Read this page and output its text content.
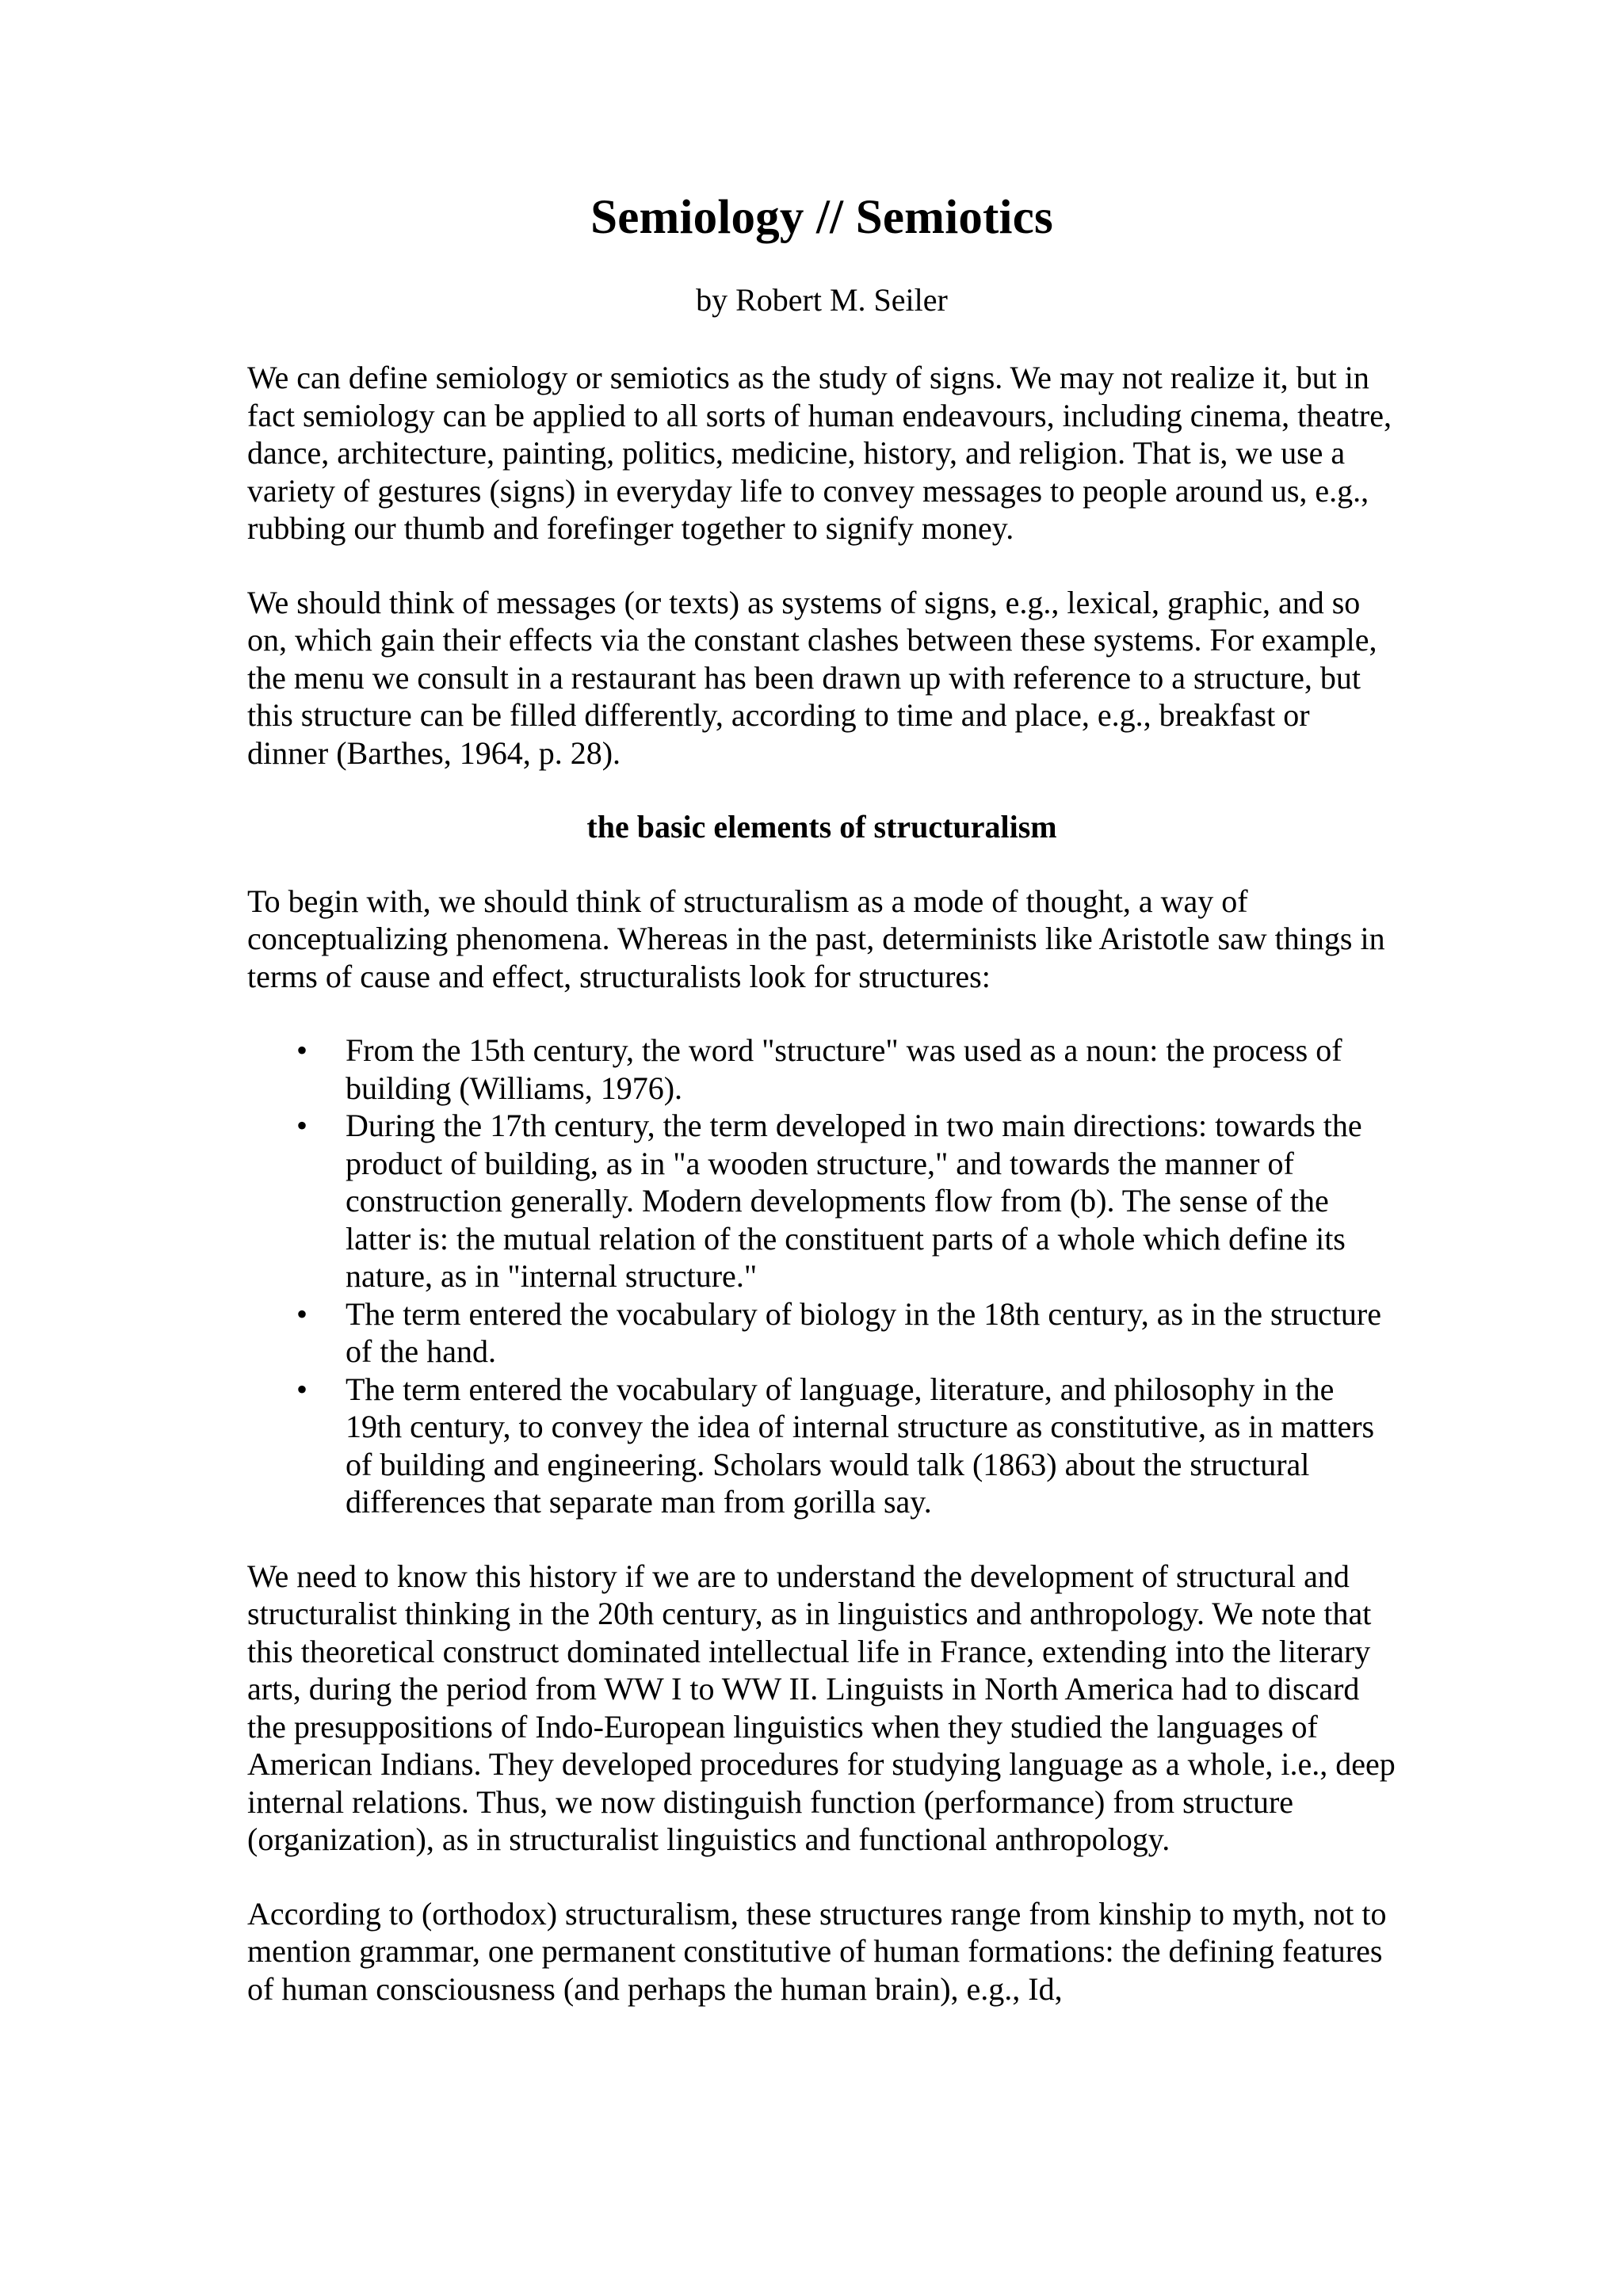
Semiology // Semiotics
by Robert M. Seiler

We can define semiology or semiotics as the study of signs. We may not realize it, but in fact semiology can be applied to all sorts of human endeavours, including cinema, theatre, dance, architecture, painting, politics, medicine, history, and religion. That is, we use a variety of gestures (signs) in everyday life to convey messages to people around us, e.g., rubbing our thumb and forefinger together to signify money.

We should think of messages (or texts) as systems of signs, e.g., lexical, graphic, and so on, which gain their effects via the constant clashes between these systems. For example, the menu we consult in a restaurant has been drawn up with reference to a structure, but this structure can be filled differently, according to time and place, e.g., breakfast or dinner (Barthes, 1964, p. 28).

the basic elements of structuralism

To begin with, we should think of structuralism as a mode of thought, a way of conceptualizing phenomena. Whereas in the past, determinists like Aristotle saw things in terms of cause and effect, structuralists look for structures:

• From the 15th century, the word "structure" was used as a noun: the process of building (Williams, 1976).
• During the 17th century, the term developed in two main directions: towards the product of building, as in "a wooden structure," and towards the manner of construction generally. Modern developments flow from (b). The sense of the latter is: the mutual relation of the constituent parts of a whole which define its nature, as in "internal structure."
• The term entered the vocabulary of biology in the 18th century, as in the structure of the hand.
• The term entered the vocabulary of language, literature, and philosophy in the 19th century, to convey the idea of internal structure as constitutive, as in matters of building and engineering. Scholars would talk (1863) about the structural differences that separate man from gorilla say.

We need to know this history if we are to understand the development of structural and structuralist thinking in the 20th century, as in linguistics and anthropology. We note that this theoretical construct dominated intellectual life in France, extending into the literary arts, during the period from WW I to WW II. Linguists in North America had to discard the presuppositions of Indo-European linguistics when they studied the languages of American Indians. They developed procedures for studying language as a whole, i.e., deep internal relations. Thus, we now distinguish function (performance) from structure (organization), as in structuralist linguistics and functional anthropology.

According to (orthodox) structuralism, these structures range from kinship to myth, not to mention grammar, one permanent constitutive of human formations: the defining features of human consciousness (and perhaps the human brain), e.g., Id,
